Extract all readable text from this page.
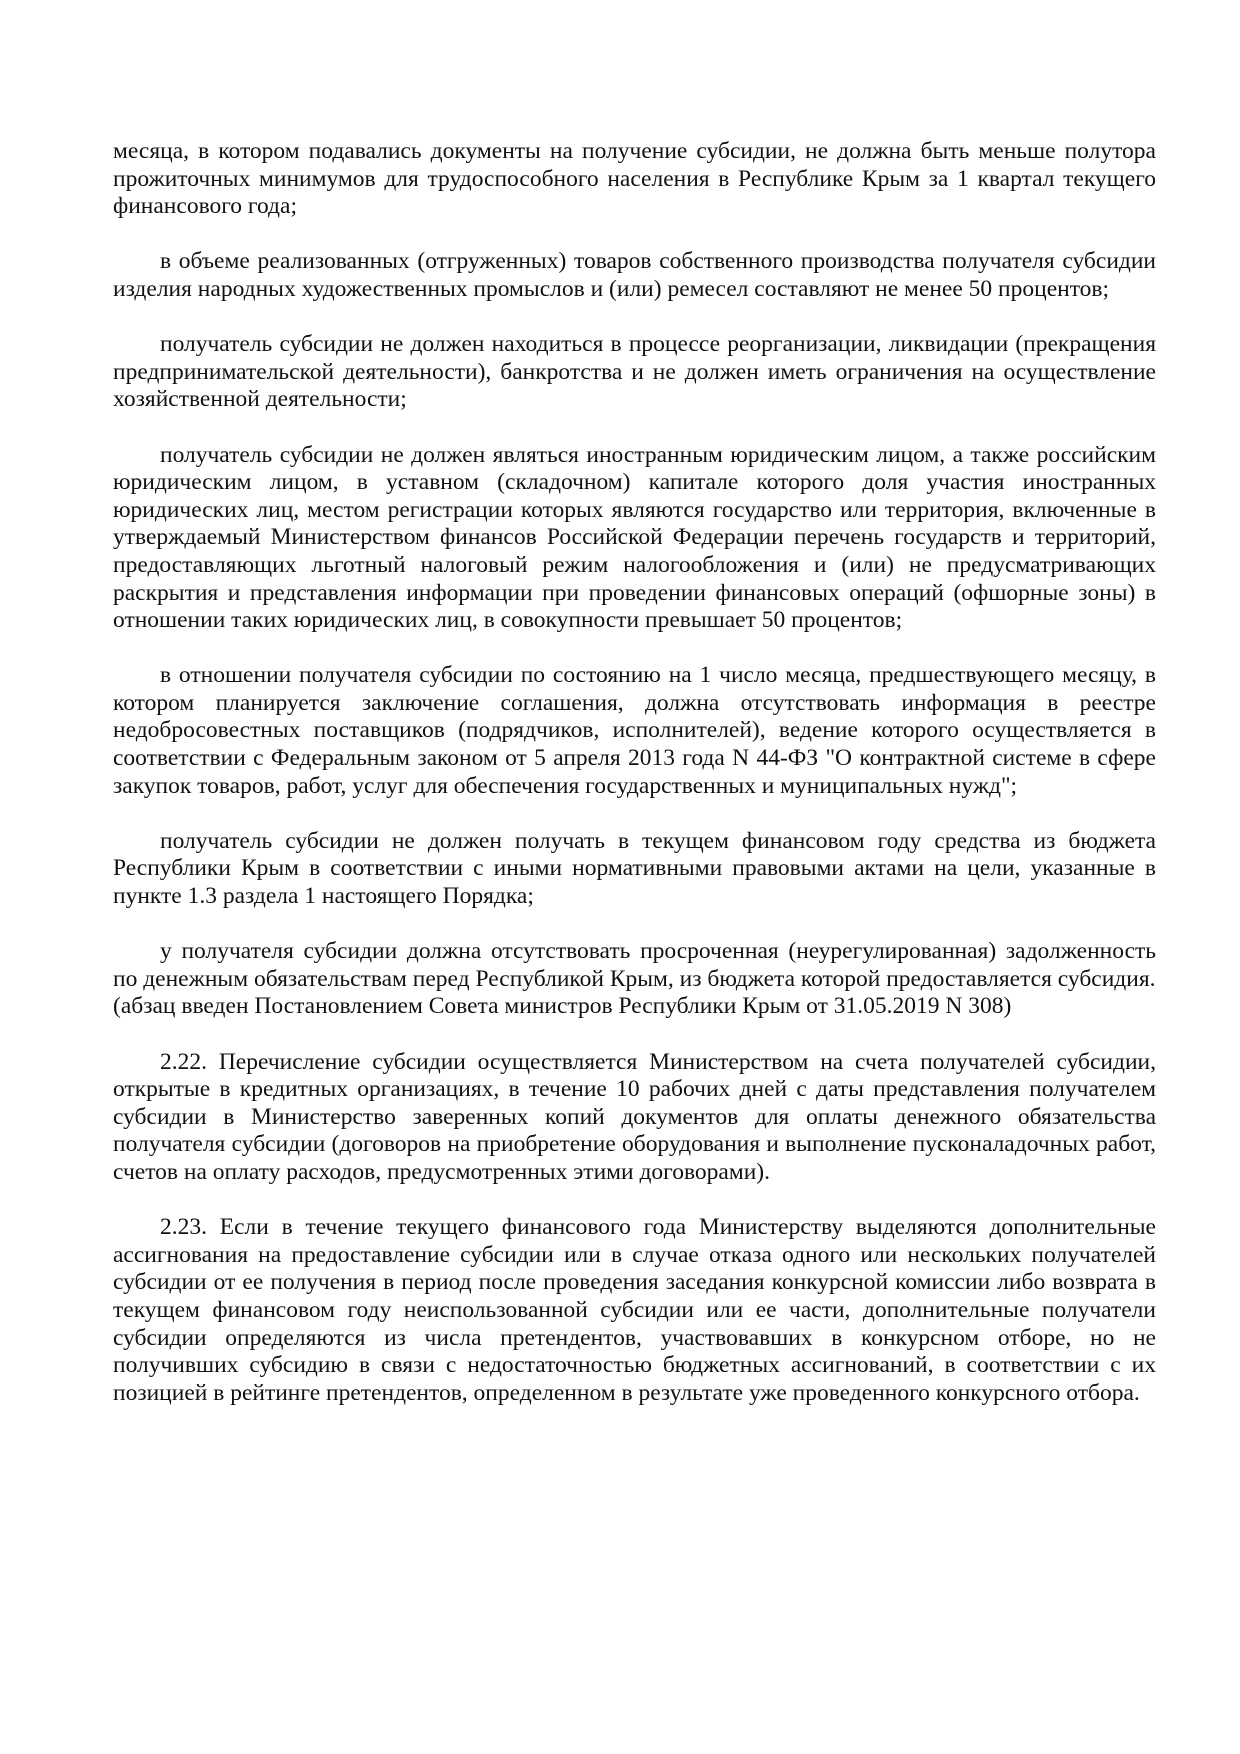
месяца, в котором подавались документы на получение субсидии, не должна быть меньше полутора прожиточных минимумов для трудоспособного населения в Республике Крым за 1 квартал текущего финансового года;

в объеме реализованных (отгруженных) товаров собственного производства получателя субсидии изделия народных художественных промыслов и (или) ремесел составляют не менее 50 процентов;

получатель субсидии не должен находиться в процессе реорганизации, ликвидации (прекращения предпринимательской деятельности), банкротства и не должен иметь ограничения на осуществление хозяйственной деятельности;

получатель субсидии не должен являться иностранным юридическим лицом, а также российским юридическим лицом, в уставном (складочном) капитале которого доля участия иностранных юридических лиц, местом регистрации которых являются государство или территория, включенные в утверждаемый Министерством финансов Российской Федерации перечень государств и территорий, предоставляющих льготный налоговый режим налогообложения и (или) не предусматривающих раскрытия и представления информации при проведении финансовых операций (офшорные зоны) в отношении таких юридических лиц, в совокупности превышает 50 процентов;

в отношении получателя субсидии по состоянию на 1 число месяца, предшествующего месяцу, в котором планируется заключение соглашения, должна отсутствовать информация в реестре недобросовестных поставщиков (подрядчиков, исполнителей), ведение которого осуществляется в соответствии с Федеральным законом от 5 апреля 2013 года N 44-ФЗ "О контрактной системе в сфере закупок товаров, работ, услуг для обеспечения государственных и муниципальных нужд";

получатель субсидии не должен получать в текущем финансовом году средства из бюджета Республики Крым в соответствии с иными нормативными правовыми актами на цели, указанные в пункте 1.3 раздела 1 настоящего Порядка;

у получателя субсидии должна отсутствовать просроченная (неурегулированная) задолженность по денежным обязательствам перед Республикой Крым, из бюджета которой предоставляется субсидия.

(абзац введен Постановлением Совета министров Республики Крым от 31.05.2019 N 308)

2.22. Перечисление субсидии осуществляется Министерством на счета получателей субсидии, открытые в кредитных организациях, в течение 10 рабочих дней с даты представления получателем субсидии в Министерство заверенных копий документов для оплаты денежного обязательства получателя субсидии (договоров на приобретение оборудования и выполнение пусконаладочных работ, счетов на оплату расходов, предусмотренных этими договорами).

2.23. Если в течение текущего финансового года Министерству выделяются дополнительные ассигнования на предоставление субсидии или в случае отказа одного или нескольких получателей субсидии от ее получения в период после проведения заседания конкурсной комиссии либо возврата в текущем финансовом году неиспользованной субсидии или ее части, дополнительные получатели субсидии определяются из числа претендентов, участвовавших в конкурсном отборе, но не получивших субсидию в связи с недостаточностью бюджетных ассигнований, в соответствии с их позицией в рейтинге претендентов, определенном в результате уже проведенного конкурсного отбора.
